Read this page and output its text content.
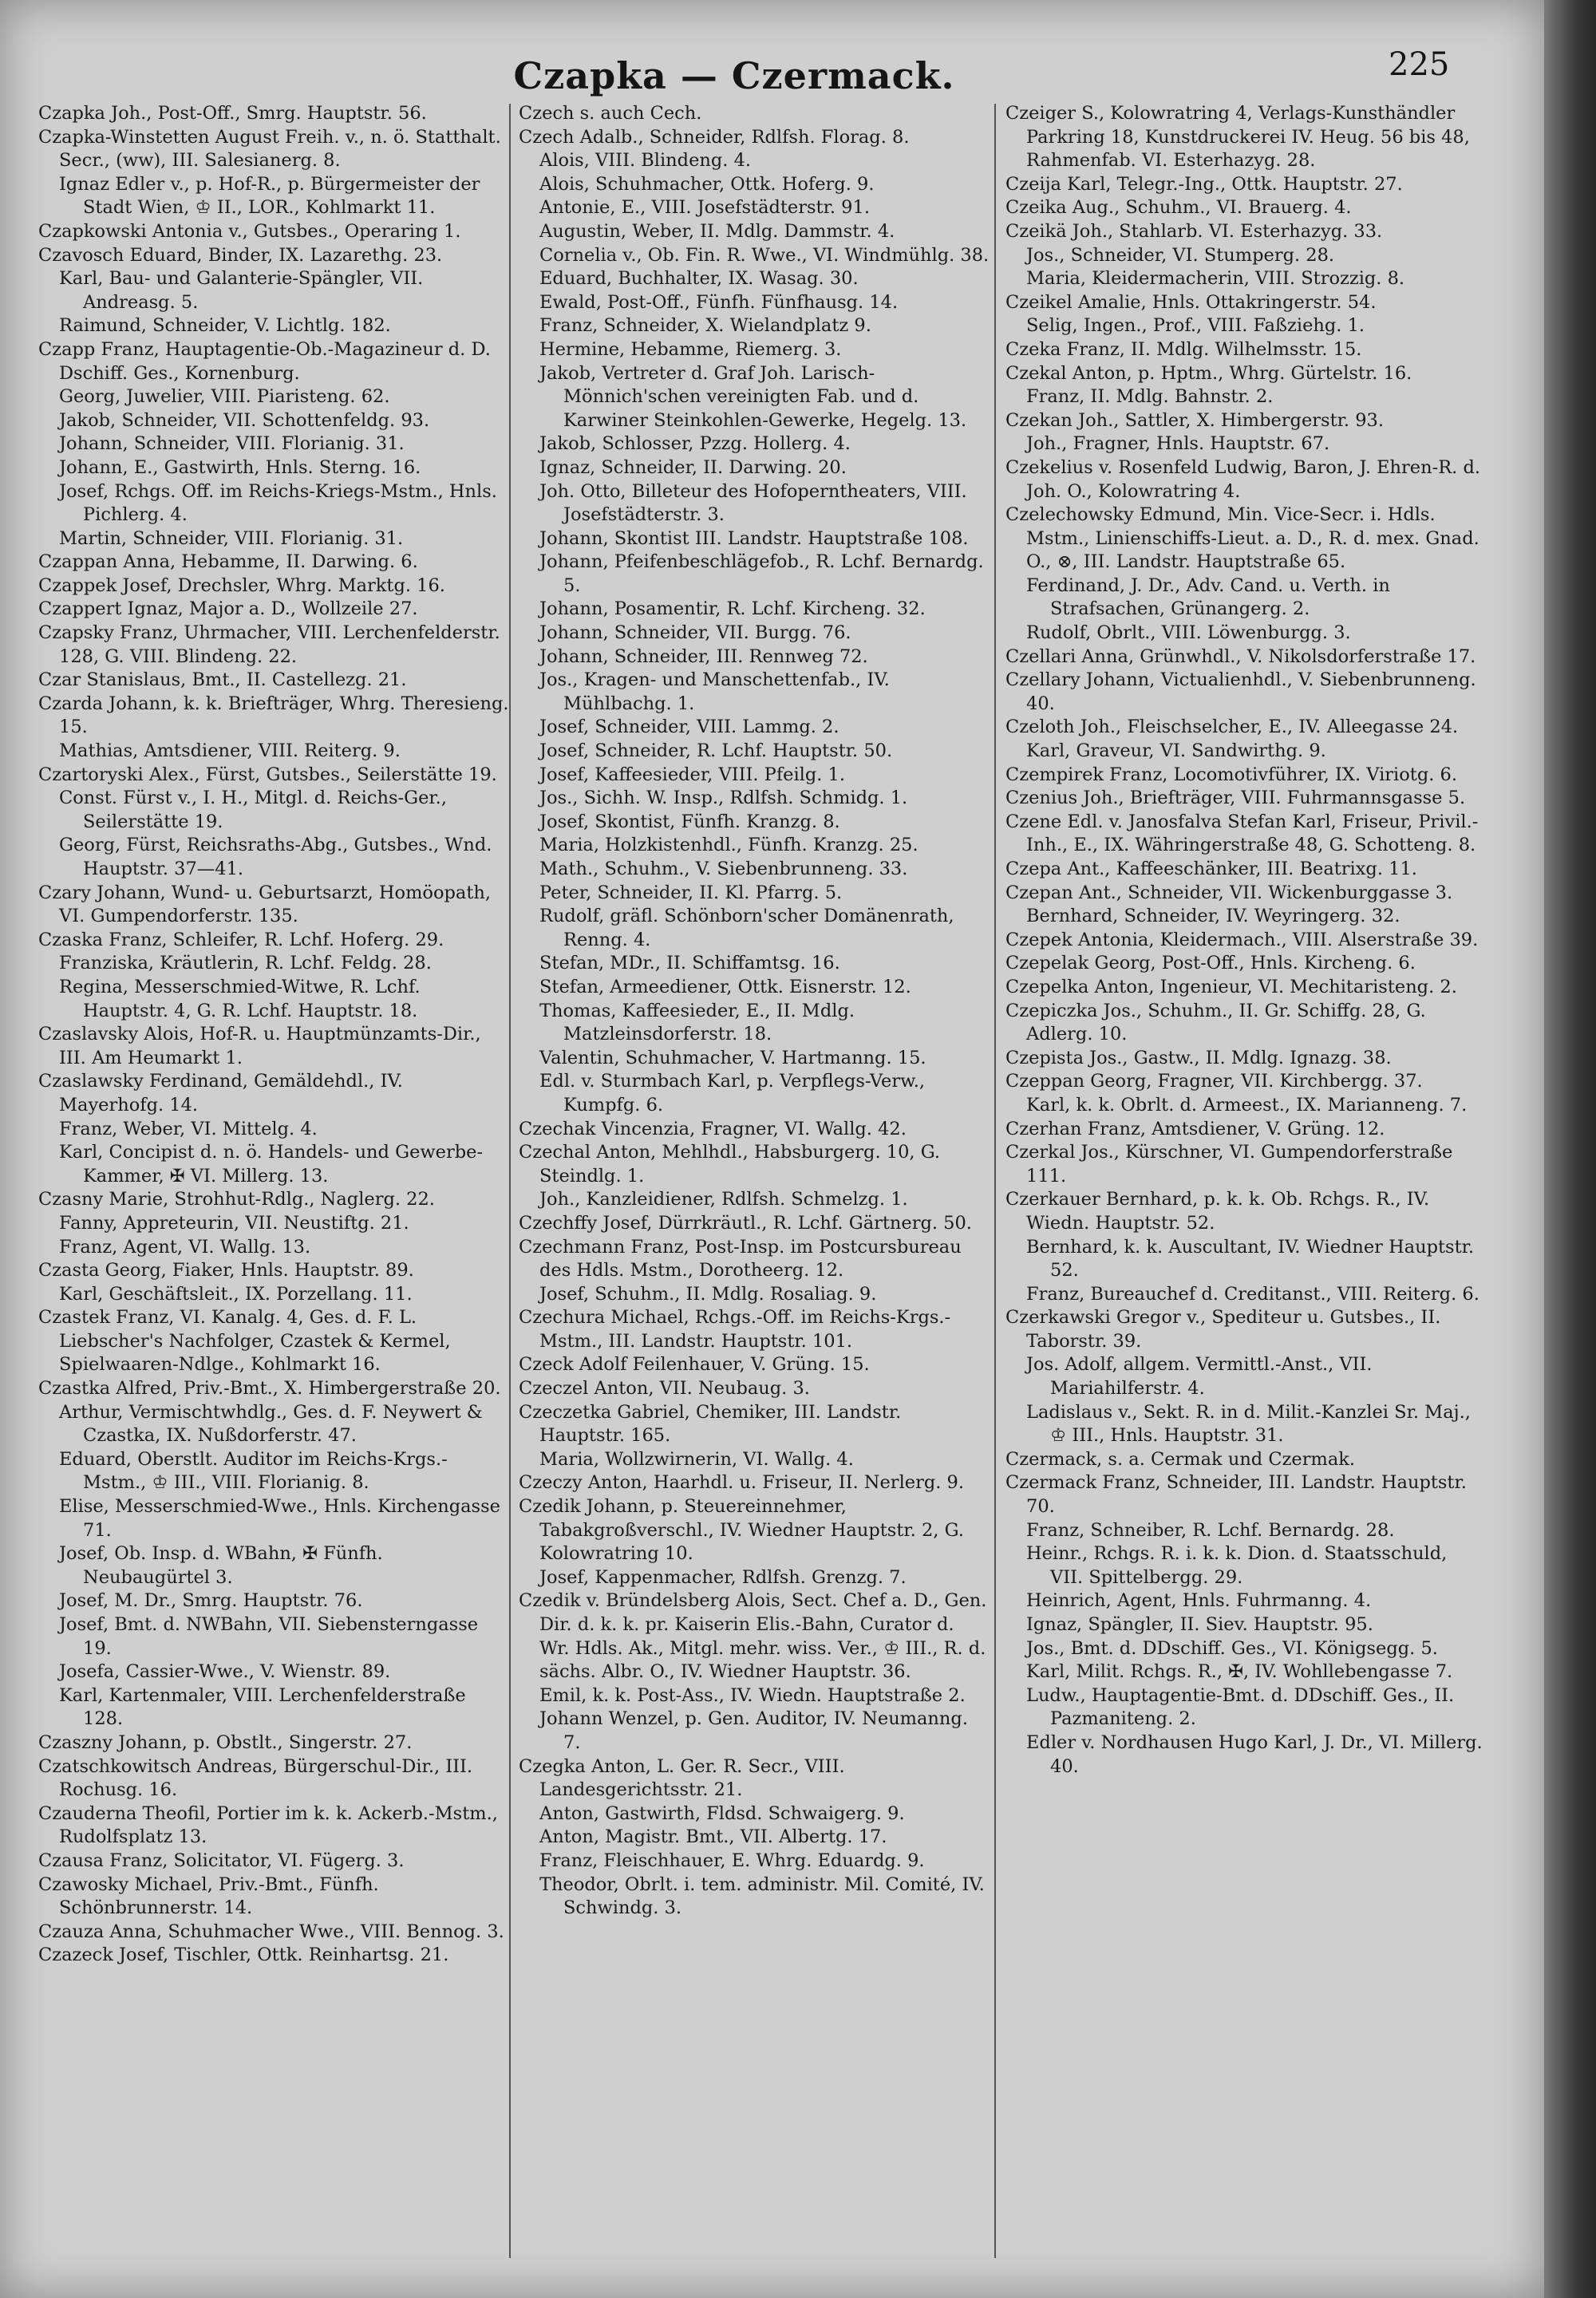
Czapka — Czermack.	225

Czapka Joh., Post-Off., Smrg. Hauptstr. 56.

Czapka-Winstetten August Freih. v., n. ö. Statthalt. Secr., (ww), III. Salesianerg. 8.

Ignaz Edler v., p. Hof-R., p. Bürgermeister der Stadt Wien, ♔ II., LOR., Kohlmarkt 11.

Czapkowski Antonia v., Gutsbes., Operaring 1.

Czavosch Eduard, Binder, IX. Lazarethg. 23.

Karl, Bau- und Galanterie-Spängler, VII. Andreasg. 5.

Raimund, Schneider, V. Lichtlg. 182.

Czapp Franz, Hauptagentie-Ob.-Magazineur d. D. Dschiff. Ges., Kornenburg.

Georg, Juwelier, VIII. Piaristeng. 62.

Jakob, Schneider, VII. Schottenfeldg. 93.

Johann, Schneider, VIII. Florianig. 31.

Johann, E., Gastwirth, Hnls. Sterng. 16.

Josef, Rchgs. Off. im Reichs-Kriegs-Mstm., Hnls. Pichlerg. 4.

Martin, Schneider, VIII. Florianig. 31.

Czappan Anna, Hebamme, II. Darwing. 6.

Czappek Josef, Drechsler, Whrg. Marktg. 16.

Czappert Ignaz, Major a. D., Wollzeile 27.

Czapsky Franz, Uhrmacher, VIII. Lerchenfelderstr. 128, G. VIII. Blindeng. 22.

Czar Stanislaus, Bmt., II. Castellezg. 21.

Czarda Johann, k. k. Briefträger, Whrg. Theresieng. 15.

Mathias, Amtsdiener, VIII. Reiterg. 9.

Czartoryski Alex., Fürst, Gutsbes., Seilerstätte 19.

Const. Fürst v., I. H., Mitgl. d. Reichs-Ger., Seilerstätte 19.

Georg, Fürst, Reichsraths-Abg., Gutsbes., Wnd. Hauptstr. 37—41.

Czary Johann, Wund- u. Geburtsarzt, Homöopath, VI. Gumpendorferstr. 135.

Czaska Franz, Schleifer, R. Lchf. Hoferg. 29.

Franziska, Kräutlerin, R. Lchf. Feldg. 28.

Regina, Messerschmied-Witwe, R. Lchf. Hauptstr. 4, G. R. Lchf. Hauptstr. 18.

Czaslavsky Alois, Hof-R. u. Hauptmünzamts-Dir., III. Am Heumarkt 1.

Czaslawsky Ferdinand, Gemäldehdl., IV. Mayerhofg. 14.

Franz, Weber, VI. Mittelg. 4.

Karl, Concipist d. n. ö. Handels- und Gewerbe-Kammer, ✠ VI. Millerg. 13.

Czasny Marie, Strohhut-Rdlg., Naglerg. 22.

Fanny, Appreteurin, VII. Neustiftg. 21.

Franz, Agent, VI. Wallg. 13.

Czasta Georg, Fiaker, Hnls. Hauptstr. 89.

Karl, Geschäftsleit., IX. Porzellang. 11.

Czastek Franz, VI. Kanalg. 4, Ges. d. F. L. Liebscher's Nachfolger, Czastek & Kermel, Spielwaaren-Ndlge., Kohlmarkt 16.

Czastka Alfred, Priv.-Bmt., X. Himbergerstraße 20.

Arthur, Vermischtwhdlg., Ges. d. F. Neywert & Czastka, IX. Nußdorferstr. 47.

Eduard, Oberstlt. Auditor im Reichs-Krgs.-Mstm., ♔ III., VIII. Florianig. 8.

Elise, Messerschmied-Wwe., Hnls. Kirchengasse 71.

Josef, Ob. Insp. d. WBahn, ✠ Fünfh. Neubaugürtel 3.

Josef, M. Dr., Smrg. Hauptstr. 76.

Josef, Bmt. d. NWBahn, VII. Siebensterngasse 19.

Josefa, Cassier-Wwe., V. Wienstr. 89.

Karl, Kartenmaler, VIII. Lerchenfelderstraße 128.

Czaszny Johann, p. Obstlt., Singerstr. 27.

Czatschkowitsch Andreas, Bürgerschul-Dir., III. Rochusg. 16.

Czauderna Theofil, Portier im k. k. Ackerb.-Mstm., Rudolfsplatz 13.

Czausa Franz, Solicitator, VI. Fügerg. 3.

Czawosky Michael, Priv.-Bmt., Fünfh. Schönbrunnerstr. 14.

Czauza Anna, Schuhmacher Wwe., VIII. Bennog. 3.

Czazeck Josef, Tischler, Ottk. Reinhartsg. 21.

Czech s. auch Cech.

Czech Adalb., Schneider, Rdlfsh. Florag. 8.

Alois, VIII. Blindeng. 4.

Alois, Schuhmacher, Ottk. Hoferg. 9.

Antonie, E., VIII. Josefstädterstr. 91.

Augustin, Weber, II. Mdlg. Dammstr. 4.

Cornelia v., Ob. Fin. R. Wwe., VI. Windmühlg. 38.

Eduard, Buchhalter, IX. Wasag. 30.

Ewald, Post-Off., Fünfh. Fünfhausg. 14.

Franz, Schneider, X. Wielandplatz 9.

Hermine, Hebamme, Riemerg. 3.

Jakob, Vertreter d. Graf Joh. Larisch-Mönnich'schen vereinigten Fab. und d. Karwiner Steinkohlen-Gewerke, Hegelg. 13.

Jakob, Schlosser, Pzzg. Hollerg. 4.

Ignaz, Schneider, II. Darwing. 20.

Joh. Otto, Billeteur des Hofoperntheaters, VIII. Josefstädterstr. 3.

Johann, Skontist III. Landstr. Hauptstraße 108.

Johann, Pfeifenbeschlägefob., R. Lchf. Bernardg. 5.

Johann, Posamentir, R. Lchf. Kircheng. 32.

Johann, Schneider, VII. Burgg. 76.

Johann, Schneider, III. Rennweg 72.

Jos., Kragen- und Manschettenfab., IV. Mühlbachg. 1.

Josef, Schneider, VIII. Lammg. 2.

Josef, Schneider, R. Lchf. Hauptstr. 50.

Josef, Kaffeesieder, VIII. Pfeilg. 1.

Jos., Sichh. W. Insp., Rdlfsh. Schmidg. 1.

Josef, Skontist, Fünfh. Kranzg. 8.

Maria, Holzkistenhdl., Fünfh. Kranzg. 25.

Math., Schuhm., V. Siebenbrunneng. 33.

Peter, Schneider, II. Kl. Pfarrg. 5.

Rudolf, gräfl. Schönborn'scher Domänenrath, Renng. 4.

Stefan, MDr., II. Schiffamtsg. 16.

Stefan, Armeediener, Ottk. Eisnerstr. 12.

Thomas, Kaffeesieder, E., II. Mdlg. Matzleinsdorferstr. 18.

Valentin, Schuhmacher, V. Hartmanng. 15.

Edl. v. Sturmbach Karl, p. Verpflegs-Verw., Kumpfg. 6.

Czechak Vincenzia, Fragner, VI. Wallg. 42.

Czechal Anton, Mehlhdl., Habsburgerg. 10, G. Steindlg. 1.

Joh., Kanzleidiener, Rdlfsh. Schmelzg. 1.

Czechffy Josef, Dürrkräutl., R. Lchf. Gärtnerg. 50.

Czechmann Franz, Post-Insp. im Postcursbureau des Hdls. Mstm., Dorotheerg. 12.

Josef, Schuhm., II. Mdlg. Rosaliag. 9.

Czechura Michael, Rchgs.-Off. im Reichs-Krgs.-Mstm., III. Landstr. Hauptstr. 101.

Czeck Adolf Feilenhauer, V. Grüng. 15.

Czeczel Anton, VII. Neubaug. 3.

Czeczetka Gabriel, Chemiker, III. Landstr. Hauptstr. 165.

Maria, Wollzwirnerin, VI. Wallg. 4.

Czeczy Anton, Haarhdl. u. Friseur, II. Nerlerg. 9.

Czedik Johann, p. Steuereinnehmer, Tabakgroßverschl., IV. Wiedner Hauptstr. 2, G. Kolowratring 10.

Josef, Kappenmacher, Rdlfsh. Grenzg. 7.

Czedik v. Bründelsberg Alois, Sect. Chef a. D., Gen. Dir. d. k. k. pr. Kaiserin Elis.-Bahn, Curator d. Wr. Hdls. Ak., Mitgl. mehr. wiss. Ver., ♔ III., R. d. sächs. Albr. O., IV. Wiedner Hauptstr. 36.

Emil, k. k. Post-Ass., IV. Wiedn. Hauptstraße 2.

Johann Wenzel, p. Gen. Auditor, IV. Neumanng. 7.

Czegka Anton, L. Ger. R. Secr., VIII. Landesgerichtsstr. 21.

Anton, Gastwirth, Fldsd. Schwaigerg. 9.

Anton, Magistr. Bmt., VII. Albertg. 17.

Franz, Fleischhauer, E. Whrg. Eduardg. 9.

Theodor, Obrlt. i. tem. administr. Mil. Comité, IV. Schwindg. 3.

Czeiger S., Kolowratring 4, Verlags-Kunsthändler Parkring 18, Kunstdruckerei IV. Heug. 56 bis 48, Rahmenfab. VI. Esterhazyg. 28.

Czeija Karl, Telegr.-Ing., Ottk. Hauptstr. 27.

Czeika Aug., Schuhm., VI. Brauerg. 4.

Czeikä Joh., Stahlarb. VI. Esterhazyg. 33.

Jos., Schneider, VI. Stumperg. 28.

Maria, Kleidermacherin, VIII. Strozzig. 8.

Czeikel Amalie, Hnls. Ottakringerstr. 54.

Selig, Ingen., Prof., VIII. Faßziehg. 1.

Czeka Franz, II. Mdlg. Wilhelmsstr. 15.

Czekal Anton, p. Hptm., Whrg. Gürtelstr. 16.

Franz, II. Mdlg. Bahnstr. 2.

Czekan Joh., Sattler, X. Himbergerstr. 93.

Joh., Fragner, Hnls. Hauptstr. 67.

Czekelius v. Rosenfeld Ludwig, Baron, J. Ehren-R. d. Joh. O., Kolowratring 4.

Czelechowsky Edmund, Min. Vice-Secr. i. Hdls. Mstm., Linienschiffs-Lieut. a. D., R. d. mex. Gnad. O., ⊗, III. Landstr. Hauptstraße 65.

Ferdinand, J. Dr., Adv. Cand. u. Verth. in Strafsachen, Grünangerg. 2.

Rudolf, Obrlt., VIII. Löwenburgg. 3.

Czellari Anna, Grünwhdl., V. Nikolsdorferstraße 17.

Czellary Johann, Victualienhdl., V. Siebenbrunneng. 40.

Czeloth Joh., Fleischselcher, E., IV. Alleegasse 24.

Karl, Graveur, VI. Sandwirthg. 9.

Czempirek Franz, Locomotivführer, IX. Viriotg. 6.

Czenius Joh., Briefträger, VIII. Fuhrmannsgasse 5.

Czene Edl. v. Janosfalva Stefan Karl, Friseur, Privil.-Inh., E., IX. Währingerstraße 48, G. Schotteng. 8.

Czepa Ant., Kaffeeschänker, III. Beatrixg. 11.

Czepan Ant., Schneider, VII. Wickenburggasse 3.

Bernhard, Schneider, IV. Weyringerg. 32.

Czepek Antonia, Kleidermach., VIII. Alserstraße 39.

Czepelak Georg, Post-Off., Hnls. Kircheng. 6.

Czepelka Anton, Ingenieur, VI. Mechitaristeng. 2.

Czepiczka Jos., Schuhm., II. Gr. Schiffg. 28, G. Adlerg. 10.

Czepista Jos., Gastw., II. Mdlg. Ignazg. 38.

Czeppan Georg, Fragner, VII. Kirchbergg. 37.

Karl, k. k. Obrlt. d. Armeest., IX. Marianneng. 7.

Czerhan Franz, Amtsdiener, V. Grüng. 12.

Czerkal Jos., Kürschner, VI. Gumpendorferstraße 111.

Czerkauer Bernhard, p. k. k. Ob. Rchgs. R., IV. Wiedn. Hauptstr. 52.

Bernhard, k. k. Auscultant, IV. Wiedner Hauptstr. 52.

Franz, Bureauchef d. Creditanst., VIII. Reiterg. 6.

Czerkawski Gregor v., Spediteur u. Gutsbes., II. Taborstr. 39.

Jos. Adolf, allgem. Vermittl.-Anst., VII. Mariahilferstr. 4.

Ladislaus v., Sekt. R. in d. Milit.-Kanzlei Sr. Maj., ♔ III., Hnls. Hauptstr. 31.

Czermack, s. a. Cermak und Czermak.

Czermack Franz, Schneider, III. Landstr. Hauptstr. 70.

Franz, Schneiber, R. Lchf. Bernardg. 28.

Heinr., Rchgs. R. i. k. k. Dion. d. Staatsschuld, VII. Spittelbergg. 29.

Heinrich, Agent, Hnls. Fuhrmanng. 4.

Ignaz, Spängler, II. Siev. Hauptstr. 95.

Jos., Bmt. d. DDschiff. Ges., VI. Königsegg. 5.

Karl, Milit. Rchgs. R., ✠, IV. Wohllebengasse 7.

Ludw., Hauptagentie-Bmt. d. DDschiff. Ges., II. Pazmaniteng. 2.

Edler v. Nordhausen Hugo Karl, J. Dr., VI. Millerg. 40.
